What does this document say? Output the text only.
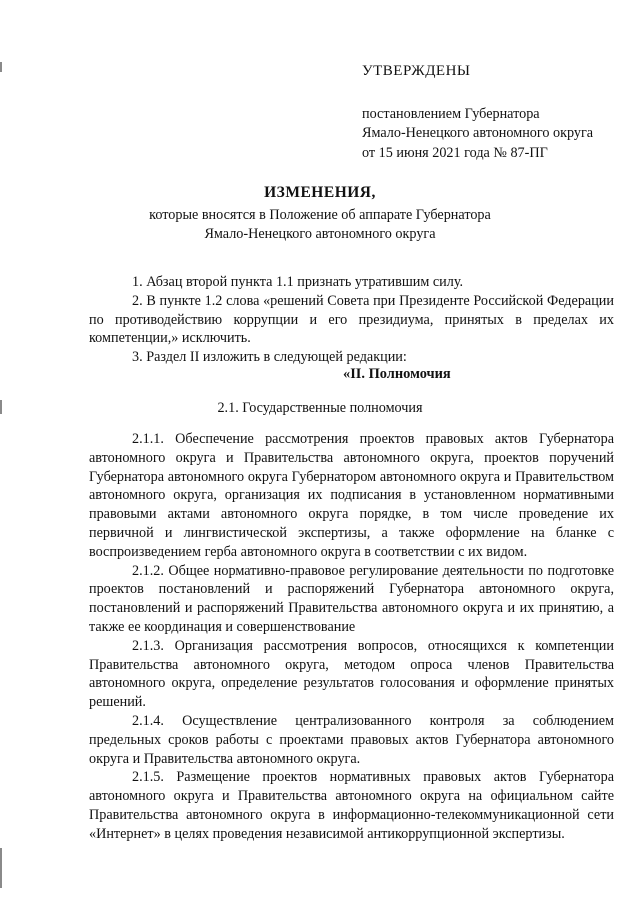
УТВЕРЖДЕНЫ
постановлением Губернатора
Ямало-Ненецкого автономного округа
от 15 июня 2021 года № 87-ПГ
ИЗМЕНЕНИЯ,
которые вносятся в Положение об аппарате Губернатора
Ямало-Ненецкого автономного округа
1. Абзац второй пункта 1.1 признать утратившим силу.
2. В пункте 1.2 слова «решений Совета при Президенте Российской Федерации по противодействию коррупции и его президиума, принятых в пределах их компетенции,» исключить.
3. Раздел II изложить в следующей редакции:
«II. Полномочия
2.1. Государственные полномочия
2.1.1. Обеспечение рассмотрения проектов правовых актов Губернатора автономного округа и Правительства автономного округа, проектов поручений Губернатора автономного округа Губернатором автономного округа и Правительством автономного округа, организация их подписания в установленном нормативными правовыми актами автономного округа порядке, в том числе проведение их первичной и лингвистической экспертизы, а также оформление на бланке с воспроизведением герба автономного округа в соответствии с их видом.
2.1.2. Общее нормативно-правовое регулирование деятельности по подготовке проектов постановлений и распоряжений Губернатора автономного округа, постановлений и распоряжений Правительства автономного округа и их принятию, а также ее координация и совершенствование
2.1.3. Организация рассмотрения вопросов, относящихся к компетенции Правительства автономного округа, методом опроса членов Правительства автономного округа, определение результатов голосования и оформление принятых решений.
2.1.4. Осуществление централизованного контроля за соблюдением предельных сроков работы с проектами правовых актов Губернатора автономного округа и Правительства автономного округа.
2.1.5. Размещение проектов нормативных правовых актов Губернатора автономного округа и Правительства автономного округа на официальном сайте Правительства автономного округа в информационно-телекоммуникационной сети «Интернет» в целях проведения независимой антикоррупционной экспертизы.
